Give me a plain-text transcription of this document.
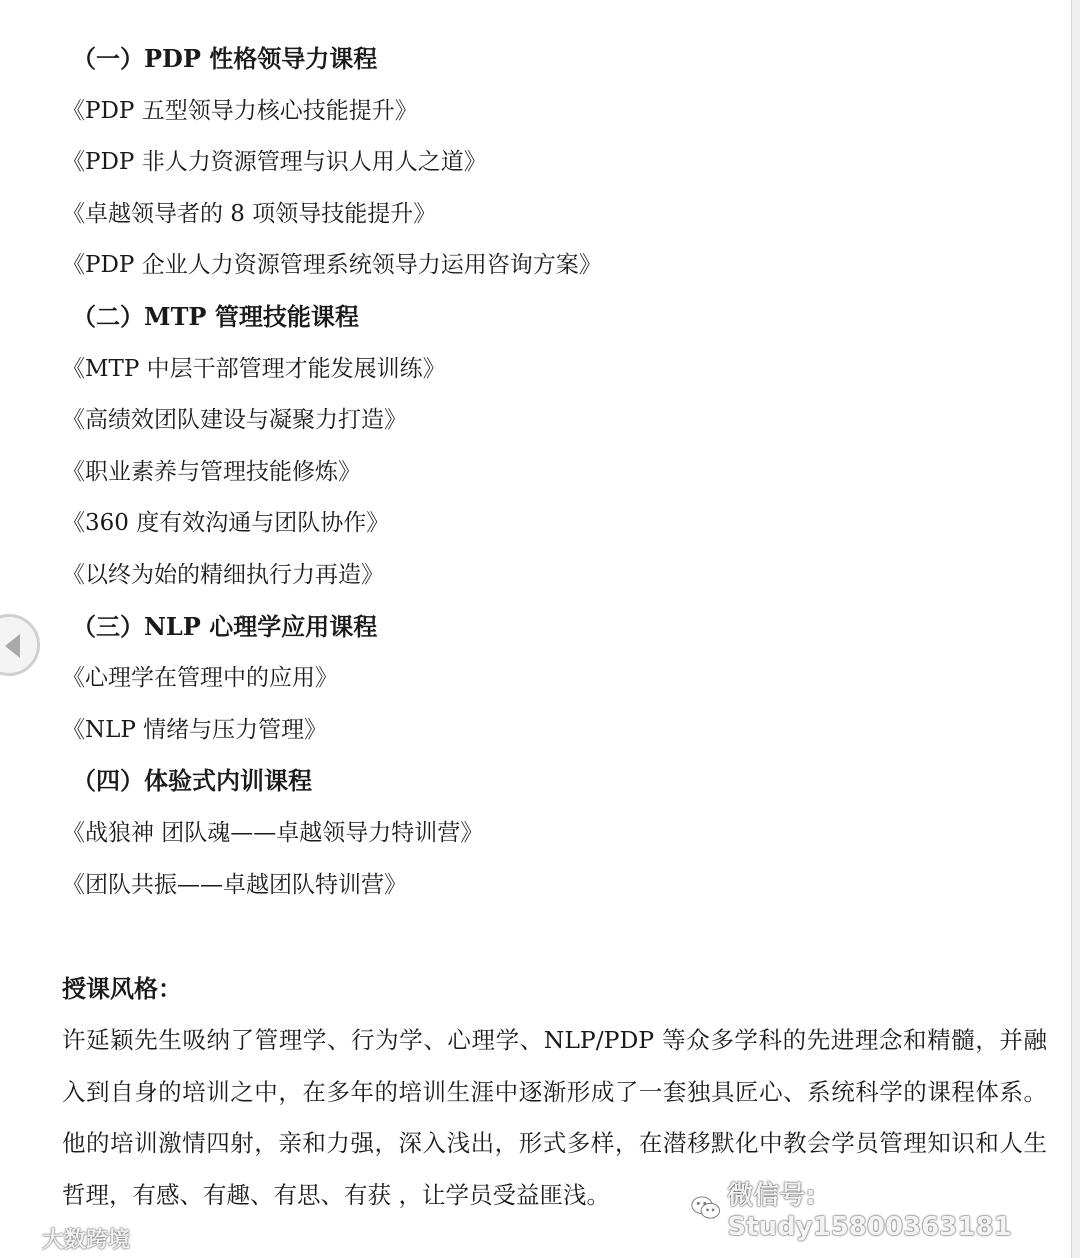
（一）PDP 性格领导力课程
《PDP 五型领导力核心技能提升》
《PDP 非人力资源管理与识人用人之道》
《卓越领导者的 8 项领导技能提升》
《PDP 企业人力资源管理系统领导力运用咨询方案》
（二）MTP 管理技能课程
《MTP 中层干部管理才能发展训练》
《高绩效团队建设与凝聚力打造》
《职业素养与管理技能修炼》
《360 度有效沟通与团队协作》
《以终为始的精细执行力再造》
（三）NLP 心理学应用课程
《心理学在管理中的应用》
《NLP 情绪与压力管理》
（四）体验式内训课程
《战狼神 团队魂——卓越领导力特训营》
《团队共振——卓越团队特训营》
授课风格：

许延颖先生吸纳了管理学、行为学、心理学、NLP/PDP 等众多学科的先进理念和精髓，并融入到自身的培训之中，在多年的培训生涯中逐渐形成了一套独具匠心、系统科学的课程体系。他的培训激情四射，亲和力强，深入浅出，形式多样，在潜移默化中教会学员管理知识和人生哲理，有感、有趣、有思、有获 ，让学员受益匪浅。

大数跨境
微信号: Study15800363181
